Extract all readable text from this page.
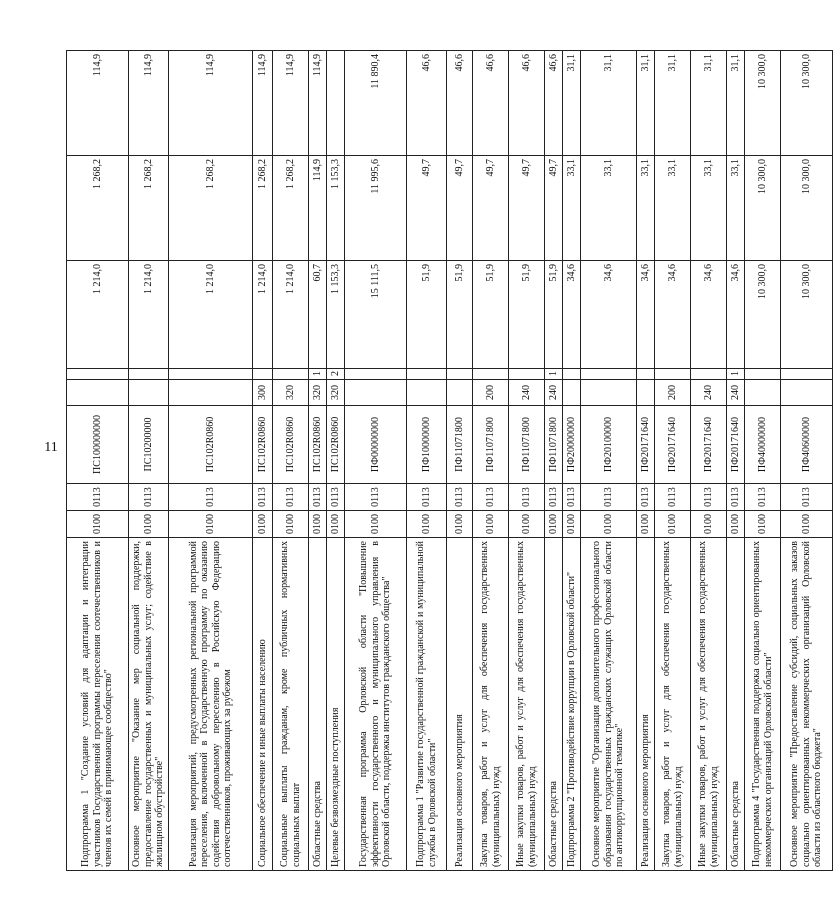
11
Подпрограмма 1 "Создание условий для адаптации и интеграции участников Государственной программы переселения соотечественников и членов их семей в принимающее сообщество"	0100	0113	ПС100000000			1 214,0	1 268,2	114,9
Основное мероприятие "Оказание мер социальной поддержки, предоставление государственных и муниципальных услуг; содействие в жилищном обустройстве"	0100	0113	ПС10200000			1 214,0	1 268,2	114,9
Реализация мероприятий, предусмотренных региональной программой переселения, включенной в Государственную программу по оказанию содействия добровольному переселению в Российскую Федерацию соотечественников, проживающих за рубежом	0100	0113	ПС102R0860			1 214,0	1 268,2	114,9
Социальное обеспечение и иные выплаты населению	0100	0113	ПС102R0860	300		1 214,0	1 268,2	114,9
Социальные выплаты гражданам, кроме публичных нормативных социальных выплат	0100	0113	ПС102R0860	320		1 214,0	1 268,2	114,9
Областные средства	0100	0113	ПС102R0860	320	1	60,7	114,9	114,9
Целевые безвозмездные поступления	0100	0113	ПС102R0860	320	2	1 153,3	1 153,3	
Государственная программа Орловской области "Повышение эффективности государственного и муниципального управления в Орловской области, поддержка институтов гражданского общества"	0100	0113	ПФ00000000			15 111,5	11 995,6	11 890,4
Подпрограмма 1 "Развитие государственной гражданской и муниципальной службы в Орловской области"	0100	0113	ПФ10000000			51,9	49,7	46,6
Реализация основного мероприятия	0100	0113	ПФ11071800			51,9	49,7	46,6
Закупка товаров, работ и услуг для обеспечения государственных (муниципальных) нужд	0100	0113	ПФ11071800	200		51,9	49,7	46,6
Иные закупки товаров, работ и услуг для обеспечения государственных (муниципальных) нужд	0100	0113	ПФ11071800	240		51,9	49,7	46,6
Областные средства	0100	0113	ПФ11071800	240	1	51,9	49,7	46,6
Подпрограмма 2 "Противодействие коррупции в Орловской области"	0100	0113	ПФ20000000			34,6	33,1	31,1
Основное мероприятие "Организация дополнительного профессионального образования государственных гражданских служащих Орловской области по антикоррупционной тематике"	0100	0113	ПФ20100000			34,6	33,1	31,1
Реализация основного мероприятия	0100	0113	ПФ20171640			34,6	33,1	31,1
Закупка товаров, работ и услуг для обеспечения государственных (муниципальных) нужд	0100	0113	ПФ20171640	200		34,6	33,1	31,1
Иные закупки товаров, работ и услуг для обеспечения государственных (муниципальных) нужд	0100	0113	ПФ20171640	240		34,6	33,1	31,1
Областные средства	0100	0113	ПФ20171640	240	1	34,6	33,1	31,1
Подпрограмма 4 "Государственная поддержка социально ориентированных некоммерческих организаций Орловской области"	0100	0113	ПФ40000000			10 300,0	10 300,0	10 300,0
Основное мероприятие "Предоставление субсидий, социальных заказов социально ориентированных некоммерческих организаций Орловской области из областного бюджета"	0100	0113	ПФ40600000			10 300,0	10 300,0	10 300,0
